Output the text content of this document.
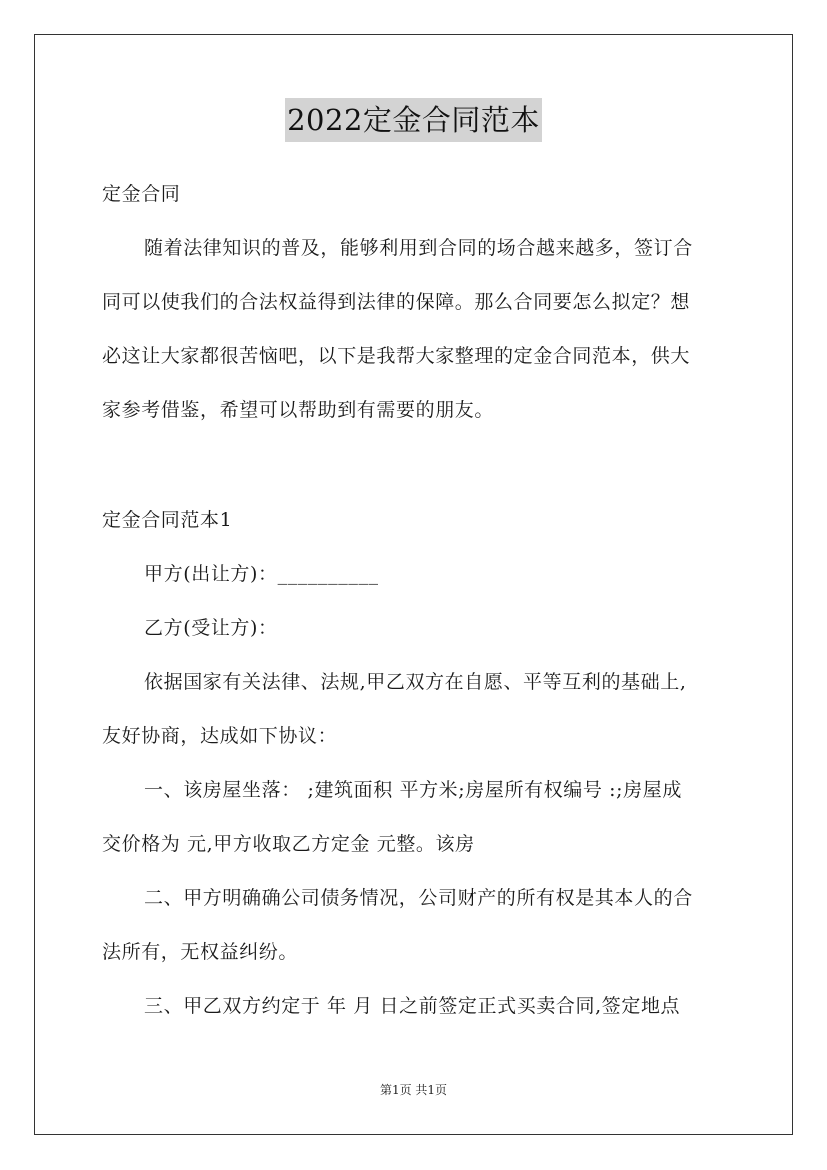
2022定金合同范本
定金合同
随着法律知识的普及，能够利用到合同的场合越来越多，签订合
同可以使我们的合法权益得到法律的保障。那么合同要怎么拟定？想
必这让大家都很苦恼吧，以下是我帮大家整理的定金合同范本，供大
家参考借鉴，希望可以帮助到有需要的朋友。
定金合同范本1
甲方(出让方)：__________
乙方(受让方)：
依据国家有关法律、法规,甲乙双方在自愿、平等互利的基础上,
友好协商，达成如下协议：
一、该房屋坐落： ;建筑面积 平方米;房屋所有权编号 :;房屋成
交价格为 元,甲方收取乙方定金 元整。该房
二、甲方明确确公司债务情况，公司财产的所有权是其本人的合
法所有，无权益纠纷。
三、甲乙双方约定于 年 月 日之前签定正式买卖合同,签定地点
第1页 共1页
